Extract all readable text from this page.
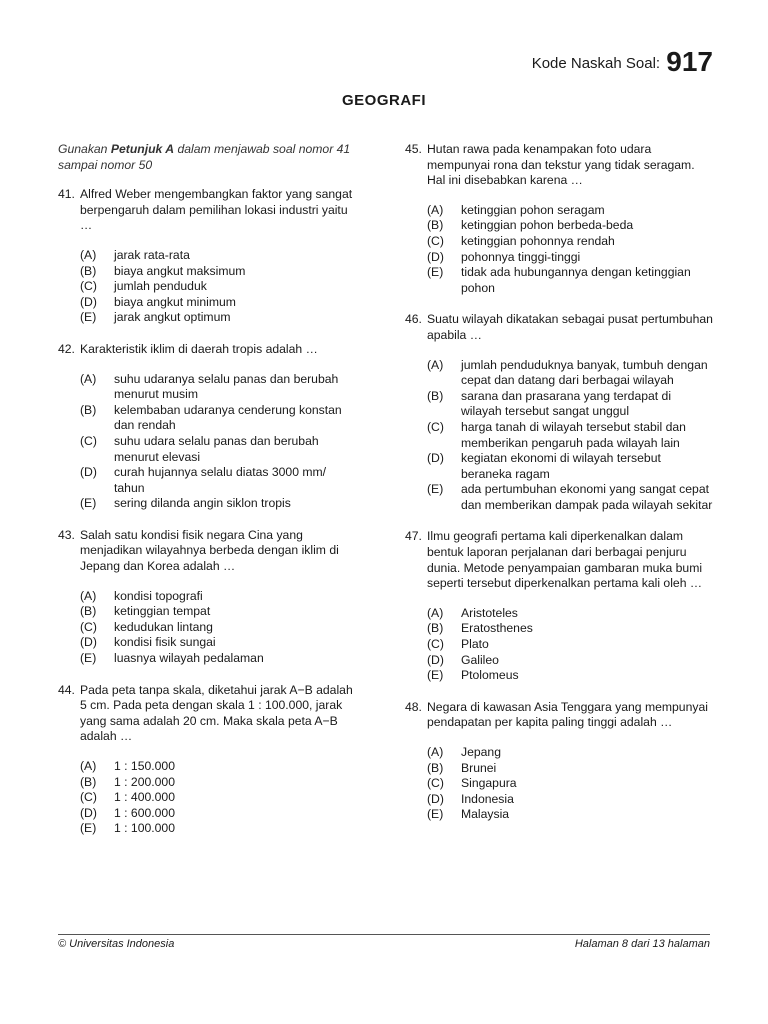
Kode Naskah Soal: 917
GEOGRAFI
Gunakan Petunjuk A dalam menjawab soal nomor 41 sampai nomor 50
41. Alfred Weber mengembangkan faktor yang sangat berpengaruh dalam pemilihan lokasi industri yaitu …
(A) jarak rata-rata
(B) biaya angkut maksimum
(C) jumlah penduduk
(D) biaya angkut minimum
(E) jarak angkut optimum
42. Karakteristik iklim di daerah tropis adalah …
(A) suhu udaranya selalu panas dan berubah menurut musim
(B) kelembaban udaranya cenderung konstan dan rendah
(C) suhu udara selalu panas dan berubah menurut elevasi
(D) curah hujannya selalu diatas 3000 mm/ tahun
(E) sering dilanda angin siklon tropis
43. Salah satu kondisi fisik negara Cina yang menjadikan wilayahnya berbeda dengan iklim di Jepang dan Korea adalah …
(A) kondisi topografi
(B) ketinggian tempat
(C) kedudukan lintang
(D) kondisi fisik sungai
(E) luasnya wilayah pedalaman
44. Pada peta tanpa skala, diketahui jarak A−B adalah 5 cm. Pada peta dengan skala 1 : 100.000, jarak yang sama adalah 20 cm. Maka skala peta A−B adalah …
(A) 1 : 150.000
(B) 1 : 200.000
(C) 1 : 400.000
(D) 1 : 600.000
(E) 1 : 100.000
45. Hutan rawa pada kenampakan foto udara mempunyai rona dan tekstur yang tidak seragam. Hal ini disebabkan karena …
(A) ketinggian pohon seragam
(B) ketinggian pohon berbeda-beda
(C) ketinggian pohonnya rendah
(D) pohonnya tinggi-tinggi
(E) tidak ada hubungannya dengan ketinggian pohon
46. Suatu wilayah dikatakan sebagai pusat pertumbuhan apabila …
(A) jumlah penduduknya banyak, tumbuh dengan cepat dan datang dari berbagai wilayah
(B) sarana dan prasarana yang terdapat di wilayah tersebut sangat unggul
(C) harga tanah di wilayah tersebut stabil dan memberikan pengaruh pada wilayah lain
(D) kegiatan ekonomi di wilayah tersebut beraneka ragam
(E) ada pertumbuhan ekonomi yang sangat cepat dan memberikan dampak pada wilayah sekitar
47. Ilmu geografi pertama kali diperkenalkan dalam bentuk laporan perjalanan dari berbagai penjuru dunia. Metode penyampaian gambaran muka bumi seperti tersebut diperkenalkan pertama kali oleh …
(A) Aristoteles
(B) Eratosthenes
(C) Plato
(D) Galileo
(E) Ptolomeus
48. Negara di kawasan Asia Tenggara yang mempunyai pendapatan per kapita paling tinggi adalah …
(A) Jepang
(B) Brunei
(C) Singapura
(D) Indonesia
(E) Malaysia
© Universitas Indonesia	Halaman 8 dari 13 halaman
